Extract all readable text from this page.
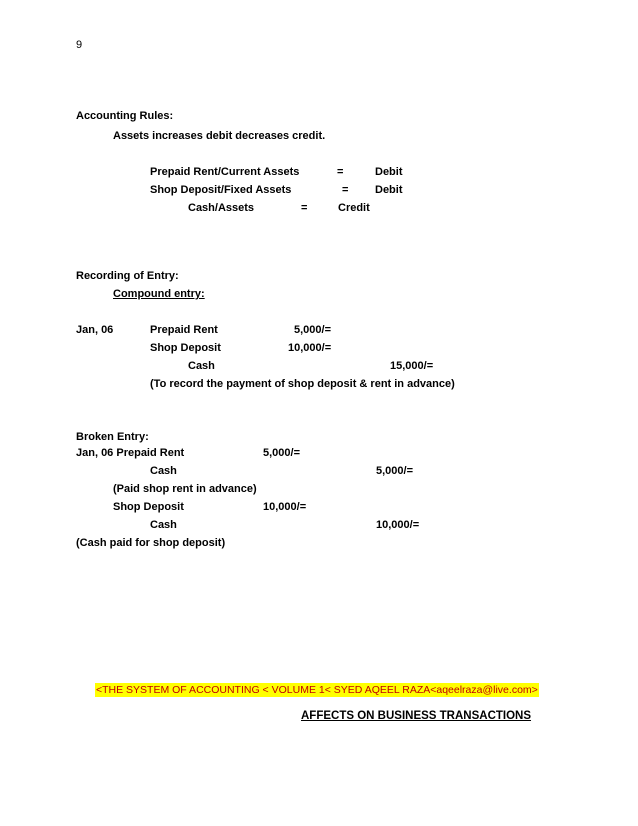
9
Accounting Rules:
Assets increases debit decreases credit.
Prepaid Rent/Current Assets	=	Debit
Shop Deposit/Fixed Assets	= Debit
Cash/Assets	=	Credit
Recording of Entry:
Compound entry:
Jan, 06	Prepaid Rent	5,000/=
Shop Deposit	10,000/=
Cash	15,000/=
(To record the payment of shop deposit & rent in advance)
Broken Entry:
Jan, 06 Prepaid Rent	5,000/=
Cash	5,000/=
(Paid shop rent in advance)
Shop Deposit	10,000/=
Cash	10,000/=
(Cash paid for shop deposit)
<THE SYSTEM OF ACCOUNTING < VOLUME 1< SYED AQEEL RAZA<aqeelraza@live.com>
AFFECTS ON BUSINESS TRANSACTIONS
